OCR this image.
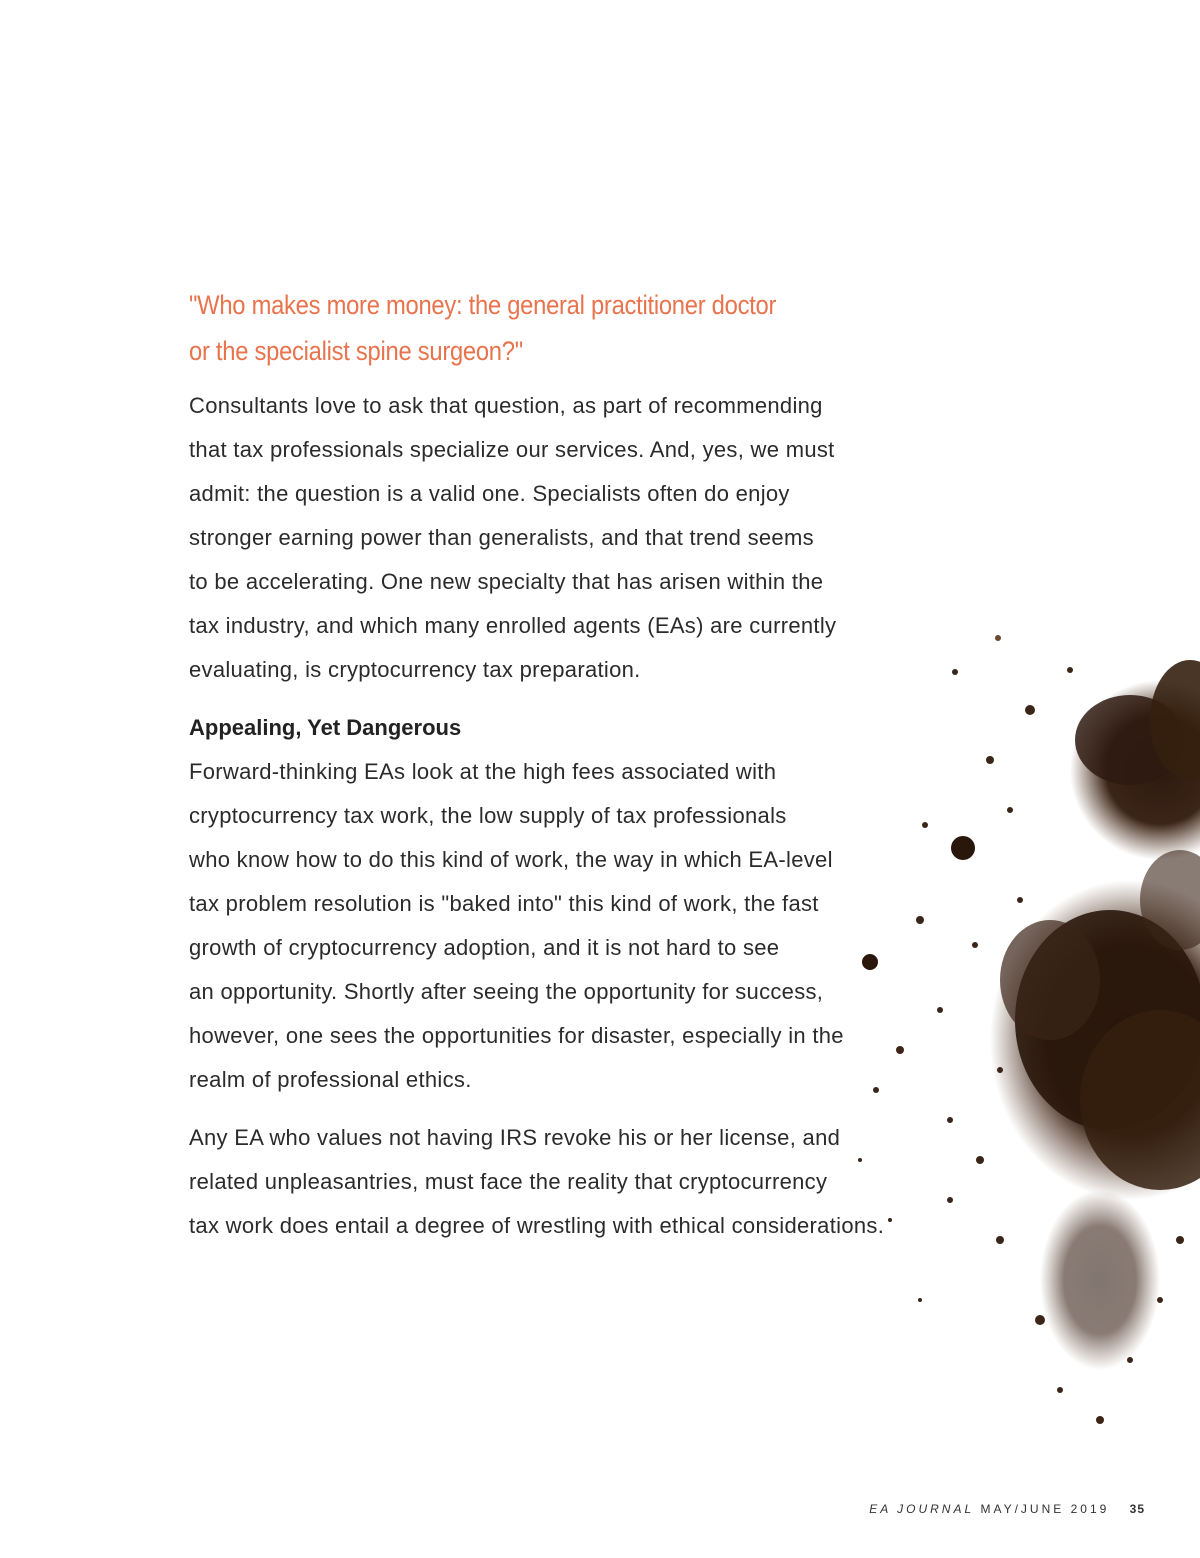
"Who makes more money: the general practitioner doctor
or the specialist spine surgeon?"

Consultants love to ask that question, as part of recommending
that tax professionals specialize our services. And, yes, we must
admit: the question is a valid one. Specialists often do enjoy
stronger earning power than generalists, and that trend seems
to be accelerating. One new specialty that has arisen within the
tax industry, and which many enrolled agents (EAs) are currently
evaluating, is cryptocurrency tax preparation.

Appealing, Yet Dangerous

Forward-thinking EAs look at the high fees associated with
cryptocurrency tax work, the low supply of tax professionals
who know how to do this kind of work, the way in which EA-level
tax problem resolution is "baked into" this kind of work, the fast
growth of cryptocurrency adoption, and it is not hard to see
an opportunity. Shortly after seeing the opportunity for success,
however, one sees the opportunities for disaster, especially in the
realm of professional ethics.

Any EA who values not having IRS revoke his or her license, and
related unpleasantries, must face the reality that cryptocurrency
tax work does entail a degree of wrestling with ethical considerations.

EA JOURNAL MAY/JUNE 2019 35
